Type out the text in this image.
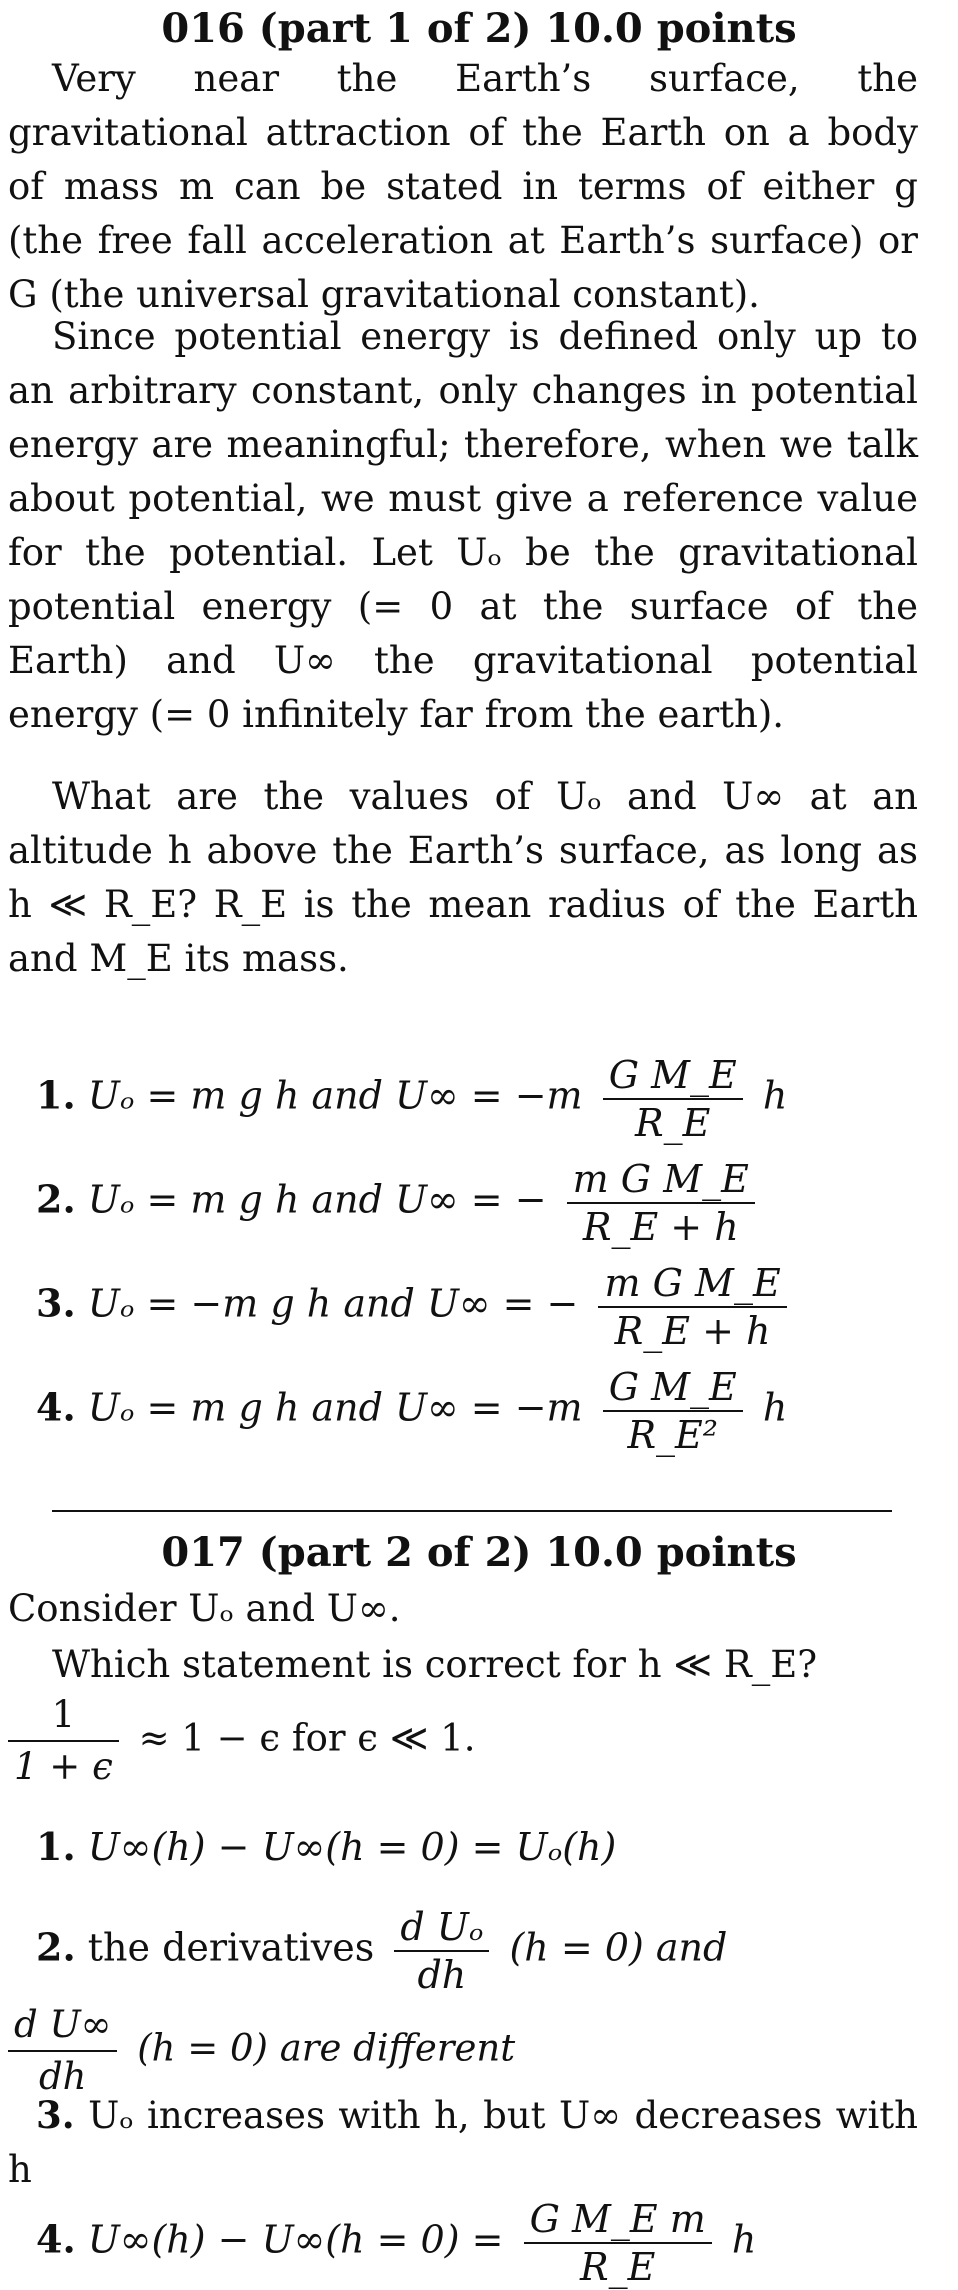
016 (part 1 of 2) 10.0 points

Very near the Earth’s surface, the gravitational attraction of the Earth on a body of mass m can be stated in terms of either g (the free fall acceleration at Earth’s surface) or G (the universal gravitational constant).

Since potential energy is defined only up to an arbitrary constant, only changes in potential energy are meaningful; therefore, when we talk about potential, we must give a reference value for the potential. Let Uₒ be the gravitational potential energy (= 0 at the surface of the Earth) and U∞ the gravitational potential energy (= 0 infinitely far from the earth).

What are the values of Uₒ and U∞ at an altitude h above the Earth’s surface, as long as h ≪ R_E? R_E is the mean radius of the Earth and M_E its mass.

1. Uₒ = m g h and $U\infty = -m \frac{\text{G M\_E}}{R\_E}$ h
2. Uₒ = m g h and U∞ = − $\frac{\text{m G M\_E}}{R\_E + h}$
3. Uₒ = −m g h and U∞ = − $\frac{\text{m G M\_E}}{R\_E + h}$
4. Uₒ = m g h and $U\infty = -m \frac{\text{G M\_E}}{\text{R\_E²}}$ h
017 (part 2 of 2) 10.0 points
Consider Uₒ and U∞.
Which statement is correct for h ≪ R_E?
$\frac{1}{1 + \epsilon} \approx 1 - \epsilon$ for ϵ ≪ 1.
1. U∞(h) − U∞(h = 0) = Uₒ(h)
2. the derivatives $\frac{\text{d Uₒ}}{dh} (h = 0)$ and
$\frac{\text{d U∞}}{dh} (h = 0)$ are different
3. Uₒ increases with h, but U∞ decreases with h
4. $U\infty(h) - U\infty(h = 0) = \frac{\text{G M\_E m}}{R\_E}$ h
